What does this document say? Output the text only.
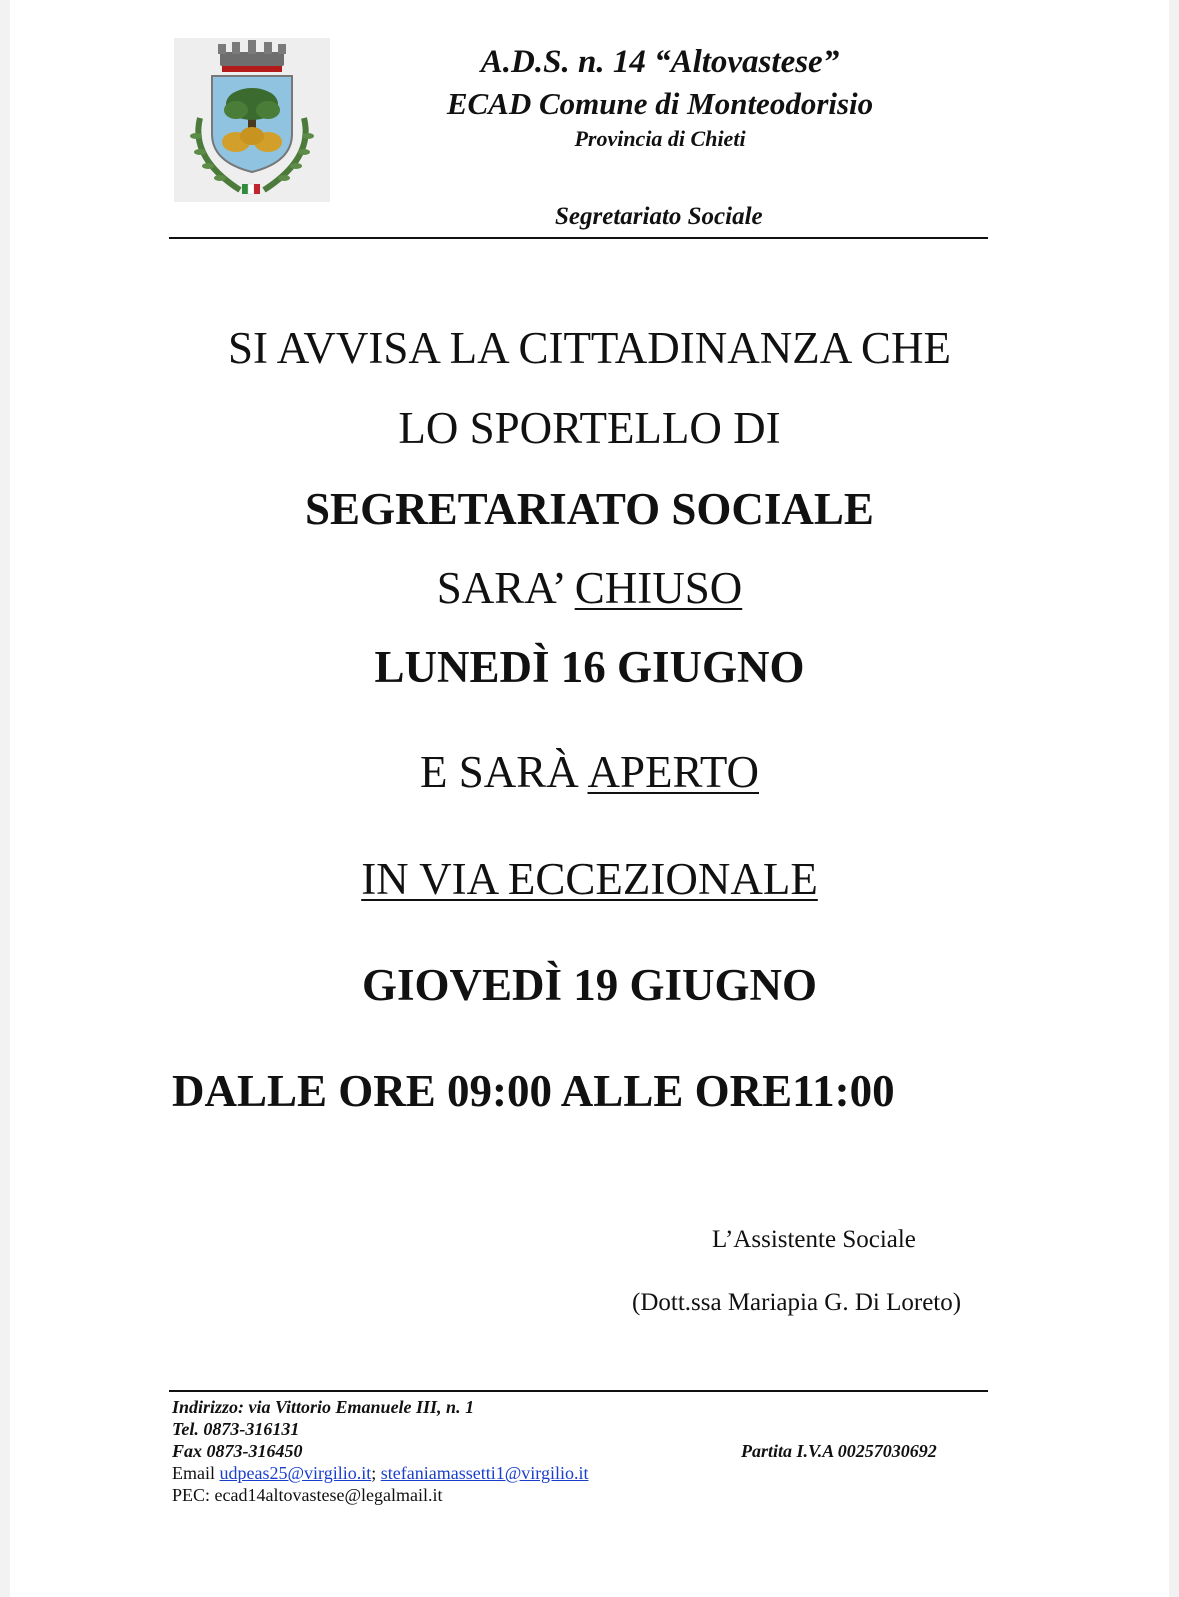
A.D.S. n. 14 “Altovastese”
ECAD Comune di Monteodorisio
Provincia di Chieti
Segretariato Sociale
SI AVVISA LA CITTADINANZA CHE
LO SPORTELLO DI
SEGRETARIATO SOCIALE
SARA’ CHIUSO
LUNEDÌ 16 GIUGNO
E SARÀ APERTO
IN VIA ECCEZIONALE
GIOVEDÌ 19 GIUGNO
DALLE ORE 09:00 ALLE ORE11:00
L’Assistente Sociale
(Dott.ssa Mariapia G. Di Loreto)
Indirizzo: via Vittorio Emanuele III, n. 1
Tel. 0873-316131
Fax 0873-316450	Partita I.V.A 00257030692
Email udpeas25@virgilio.it; stefaniamassetti1@virgilio.it
PEC: ecad14altovastese@legalmail.it
